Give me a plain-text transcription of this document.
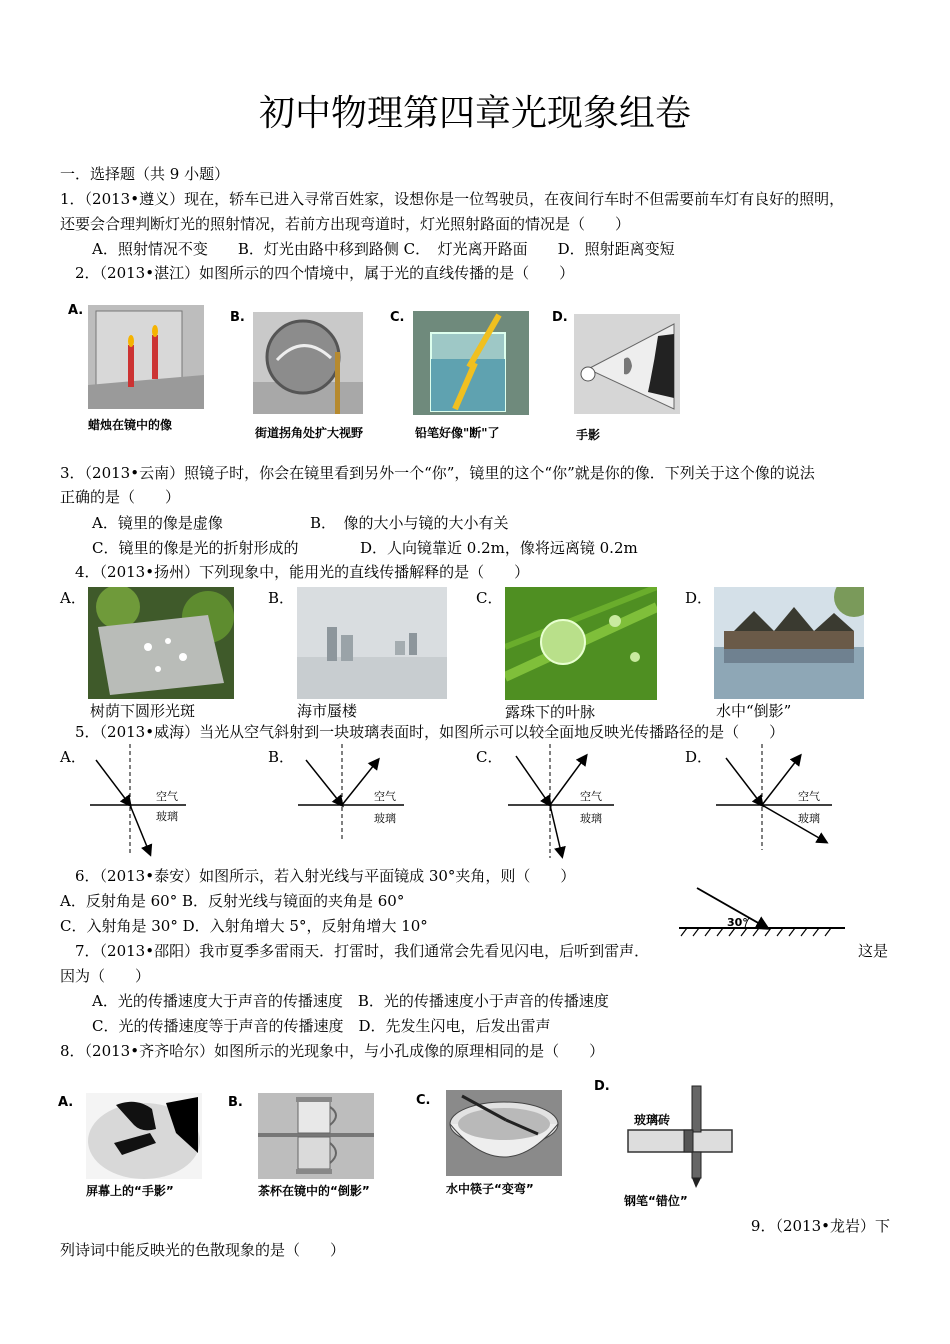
初中物理第四章光现象组卷
一．选择题（共 9 小题）
1．（2013•遵义）现在，轿车已进入寻常百姓家，设想你是一位驾驶员，在夜间行车时不但需要前车灯有良好的照明，
还要会合理判断灯光的照射情况，若前方出现弯道时，灯光照射路面的情况是（　　）
A．照射情况不变　　B．灯光由路中移到路侧 C．　灯光离开路面　　D．照射距离变短
2．（2013•湛江）如图所示的四个情境中，属于光的直线传播的是（　　）
A.
蜡烛在镜中的像
B.
街道拐角处扩大视野
C.
铅笔好像"断"了
D.
手影
3．（2013•云南）照镜子时，你会在镜里看到另外一个“你”，镜里的这个“你”就是你的像．下列关于这个像的说法
正确的是（　　）
A．镜里的像是虚像	B．　像的大小与镜的大小有关
C．镜里的像是光的折射形成的	D．人向镜靠近 0.2m，像将远离镜 0.2m
4．（2013•扬州）下列现象中，能用光的直线传播解释的是（　　）
A．
树荫下圆形光斑
B．
海市蜃楼
C．
露珠下的叶脉
D．
水中“倒影”
5．（2013•威海）当光从空气斜射到一块玻璃表面时，如图所示可以较全面地反映光传播路径的是（　　）
A．
空气
玻璃
B．
空气
玻璃
C．
空气
玻璃
D．
空气
玻璃
6．（2013•泰安）如图所示，若入射光线与平面镜成 30°夹角，则（　　）
A．反射角是 60° B．反射光线与镜面的夹角是 60°
C．入射角是 30° D．入射角增大 5°，反射角增大 10°	30°
7．（2013•邵阳）我市夏季多雷雨天．打雷时，我们通常会先看见闪电，后听到雷声．	这是
因为（　　）
A．光的传播速度大于声音的传播速度　B．光的传播速度小于声音的传播速度
C．光的传播速度等于声音的传播速度　D．先发生闪电，后发出雷声
8．（2013•齐齐哈尔）如图所示的光现象中，与小孔成像的原理相同的是（　　）
A.
屏幕上的“手影”
B.
茶杯在镜中的“倒影”
C.
水中筷子“变弯”
D.
玻璃砖
钢笔“错位”
9．（2013•龙岩）下
列诗词中能反映光的色散现象的是（　　）
